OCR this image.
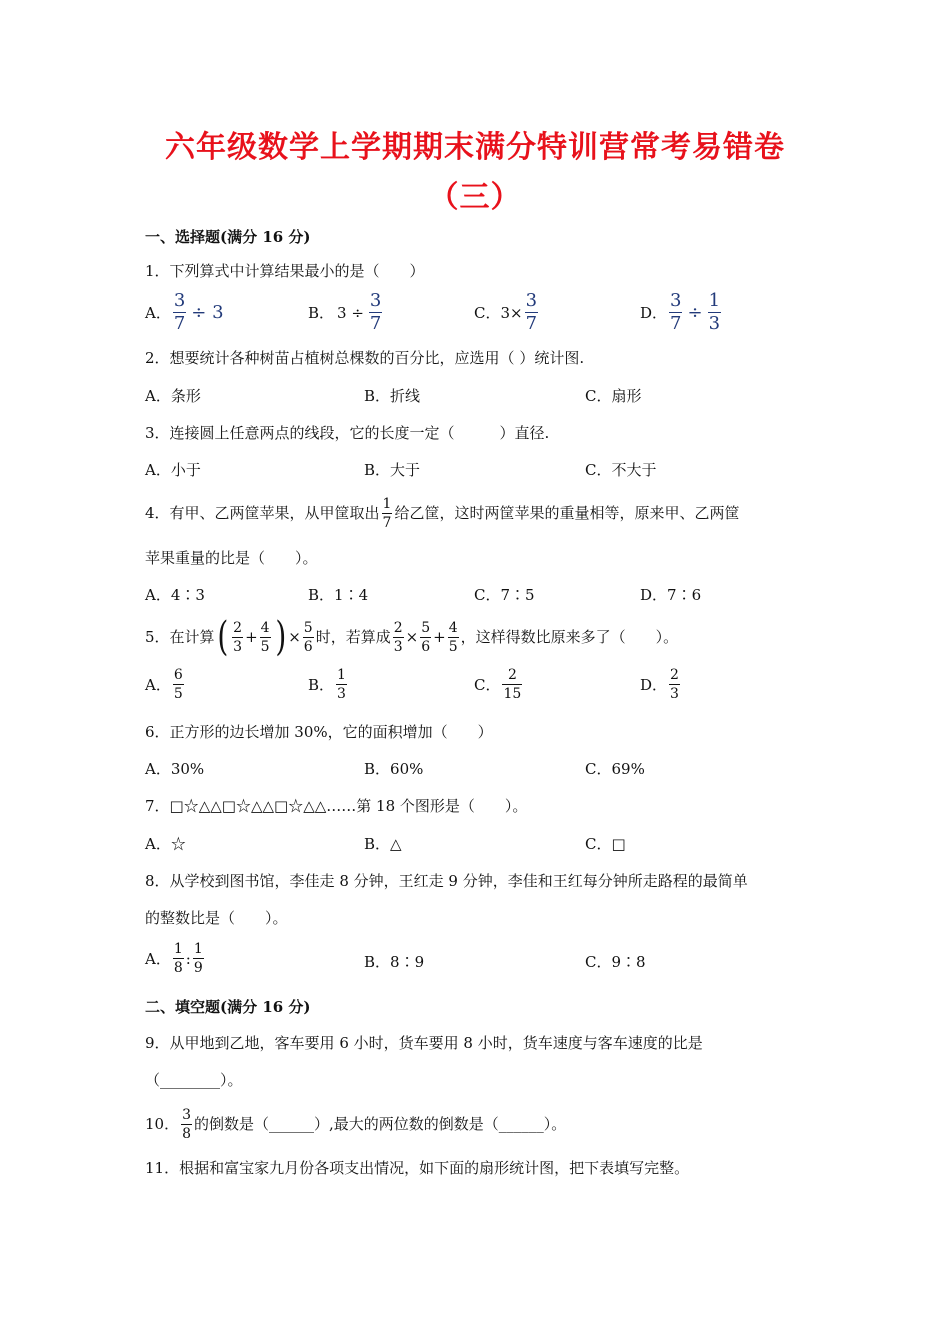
六年级数学上学期期末满分特训营常考易错卷
（三）
一、选择题(满分 16 分)
1．下列算式中计算结果最小的是（　　）
A． $\frac{3}{7} \div 3$	B． $3 \div \frac{3}{7}$	C． $3\times \frac{3}{7}$	D． $\frac{3}{7} \div \frac{1}{3}$
2．想要统计各种树苗占植树总棵数的百分比，应选用（ ）统计图.
A．条形	B．折线	C．扇形
3．连接圆上任意两点的线段，它的长度一定（　　　）直径.
A．小于	B．大于	C．不大于
4．有甲、乙两筐苹果，从甲筐取出 $\frac{1}{7}$ 给乙筐，这时两筐苹果的重量相等，原来甲、乙两筐
苹果重量的比是（　　）。
A．4∶3	B．1∶4	C．7∶5	D．7∶6
5．在计算 ( $\frac{2}{3} + \frac{4}{5}$ ) × $\frac{5}{6}$ 时，若算成 $\frac{2}{3} \times \frac{5}{6} + \frac{4}{5}$ ，这样得数比原来多了（　　）。
A． $\frac{6}{5}$	B． $\frac{1}{3}$	C． $\frac{2}{15}$	D． $\frac{2}{3}$
6．正方形的边长增加 30%，它的面积增加（　　）
A．30%	B．60%	C．69%
7．□☆△△□☆△△□☆△△……第 18 个图形是（　　）。
A．☆	B．△	C．□
8．从学校到图书馆，李佳走 8 分钟，王红走 9 分钟，李佳和王红每分钟所走路程的最简单
的整数比是（　　）。
A． $\frac{1}{8}$ : $\frac{1}{9}$	B．8∶9	C．9∶8
二、填空题(满分 16 分)
9．从甲地到乙地，客车要用 6 小时，货车要用 8 小时，货车速度与客车速度的比是
（________）。
10． $\frac{3}{8}$ 的倒数是（______）,最大的两位数的倒数是（______）。
11．根据和富宝家九月份各项支出情况，如下面的扇形统计图，把下表填写完整。
